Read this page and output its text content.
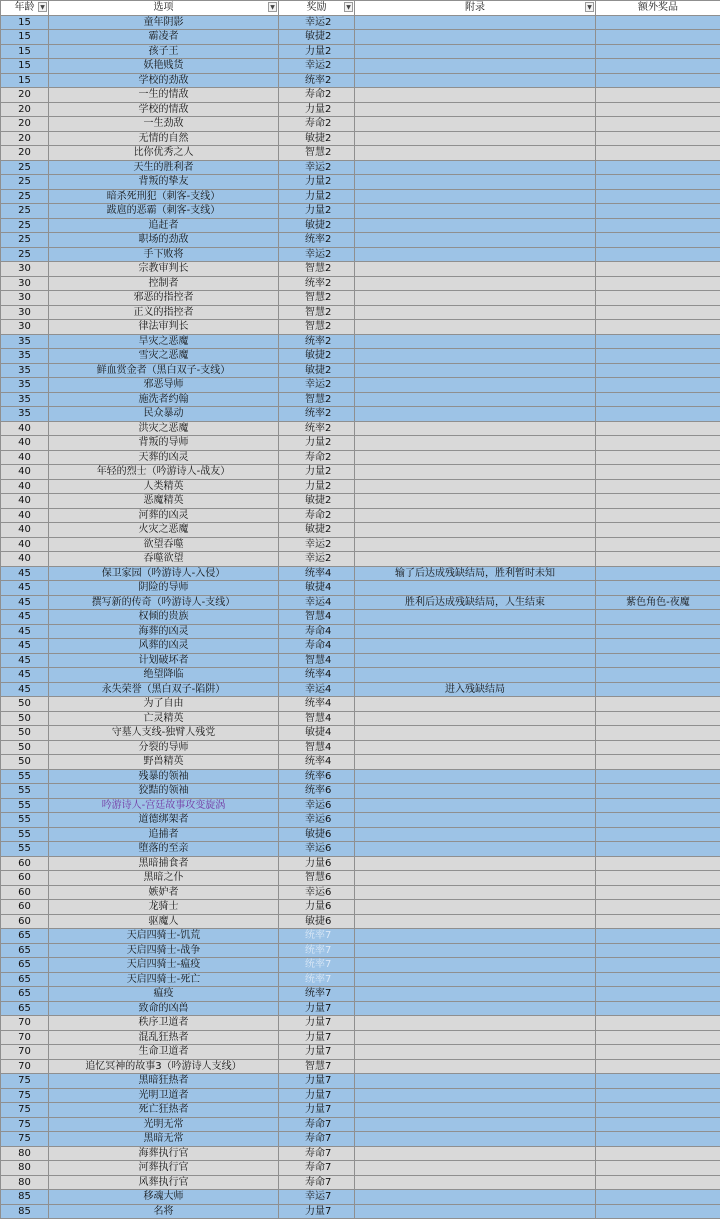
年龄 ▼	选项 ▼	奖励 ▼	附录 ▼	额外奖品
15	童年阴影	幸运2		
15	霸凌者	敏捷2		
15	孩子王	力量2		
15	妖艳贱货	幸运2		
15	学校的劲敌	统率2		
20	一生的情敌	寿命2		
20	学校的情敌	力量2		
20	一生劲敌	寿命2		
20	无情的自然	敏捷2		
20	比你优秀之人	智慧2		
25	天生的胜利者	幸运2		
25	背叛的挚友	力量2		
25	暗杀死刑犯（刺客-支线）	力量2		
25	跋扈的恶霸（刺客-支线）	力量2		
25	追赶者	敏捷2		
25	职场的劲敌	统率2		
25	手下败将	幸运2		
30	宗教审判长	智慧2		
30	控制者	统率2		
30	邪恶的指控者	智慧2		
30	正义的指控者	智慧2		
30	律法审判长	智慧2		
35	旱灾之恶魔	统率2		
35	雪灾之恶魔	敏捷2		
35	鲜血赏金者（黑白双子-支线）	敏捷2		
35	邪恶导师	幸运2		
35	施洗者约翰	智慧2		
35	民众暴动	统率2		
40	洪灾之恶魔	统率2		
40	背叛的导师	力量2		
40	天葬的凶灵	寿命2		
40	年轻的烈士（吟游诗人-战友）	力量2		
40	人类精英	力量2		
40	恶魔精英	敏捷2		
40	河葬的凶灵	寿命2		
40	火灾之恶魔	敏捷2		
40	欲望吞噬	幸运2		
40	吞噬欲望	幸运2		
45	保卫家园（吟游诗人-入侵）	统率4	输了后达成残缺结局，胜利暂时未知	
45	阴险的导师	敏捷4		
45	撰写新的传奇（吟游诗人-支线）	幸运4	胜利后达成残缺结局，人生结束	紫色角色-夜魔
45	权倾的贵族	智慧4		
45	海葬的凶灵	寿命4		
45	风葬的凶灵	寿命4		
45	计划破坏者	智慧4		
45	绝望降临	统率4		
45	永失荣誉（黑白双子-陷阱）	幸运4	进入残缺结局	
50	为了自由	统率4		
50	亡灵精英	智慧4		
50	守墓人支线-独臂人残党	敏捷4		
50	分裂的导师	智慧4		
50	野兽精英	统率4		
55	残暴的领袖	统率6		
55	狡黠的领袖	统率6		
55	吟游诗人-宫廷故事攻变旋涡	幸运6		
55	道德绑架者	幸运6		
55	追捕者	敏捷6		
55	堕落的至亲	幸运6		
60	黑暗捕食者	力量6		
60	黑暗之仆	智慧6		
60	嫉妒者	幸运6		
60	龙骑士	力量6		
60	驱魔人	敏捷6		
65	天启四骑士-饥荒	统率7		
65	天启四骑士-战争	统率7		
65	天启四骑士-瘟疫	统率7		
65	天启四骑士-死亡	统率7		
65	瘟疫	统率7		
65	致命的凶兽	力量7		
70	秩序卫道者	力量7		
70	混乱狂热者	力量7		
70	生命卫道者	力量7		
70	追忆冥神的故事3（吟游诗人支线）	智慧7		
75	黑暗狂热者	力量7		
75	光明卫道者	力量7		
75	死亡狂热者	力量7		
75	光明无常	寿命7		
75	黑暗无常	寿命7		
80	海葬执行官	寿命7		
80	河葬执行官	寿命7		
80	风葬执行官	寿命7		
85	移魂大师	幸运7		
85	名将	力量7		
